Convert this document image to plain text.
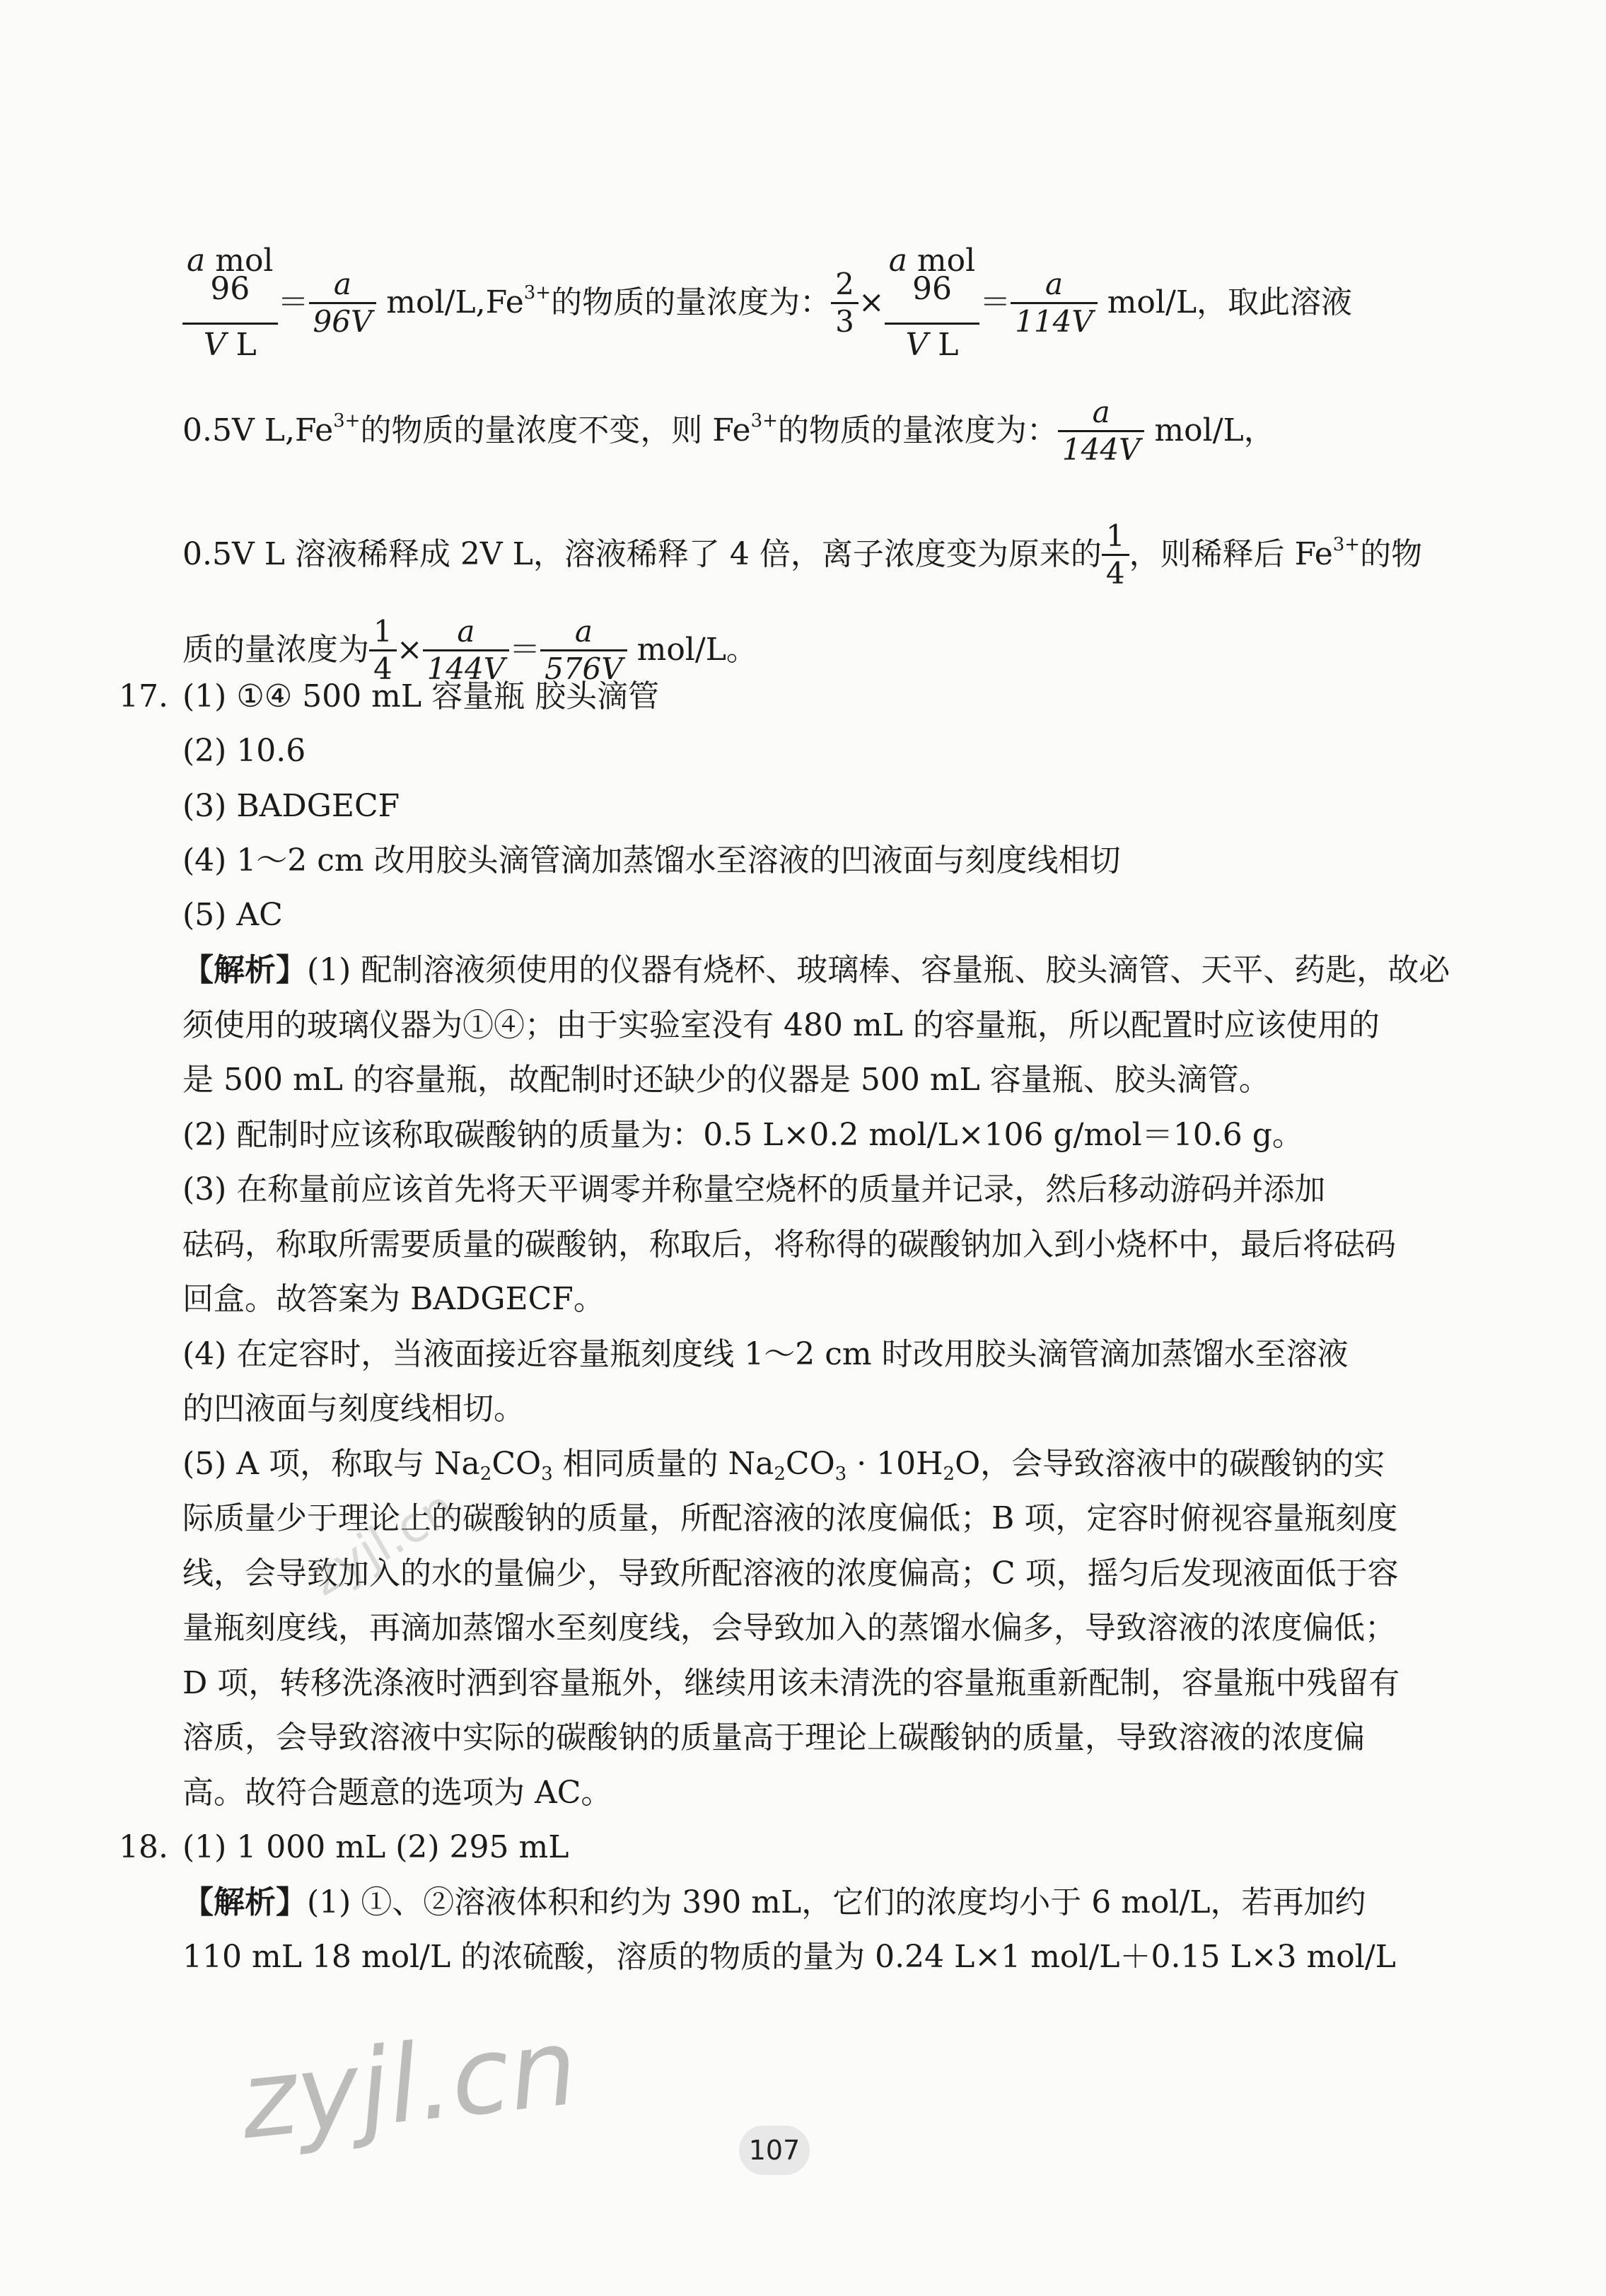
a mol
96
V L
＝ $\frac{a}{96V} mol/L,Fe^{3+}$的物质的量浓度为： $\frac{2}{3}$ ×
a mol
96
V L
＝ $\frac{a}{114V} mol/L$，取此溶液
0.5V $L,Fe^{3+}$的物质的量浓度不变，则 $Fe^{3+}$的物质的量浓度为： $\frac{a}{144V} mol/L$，
0.5V L 溶液稀释成 2V L，溶液稀释了 4 倍，离子浓度变为原来的 $\frac{1}{4}$ ，则稀释后 $Fe^{3+}$的物
质的量浓度为 $\frac{1}{4} \times \frac{a}{144V} = \frac{a}{576V} mol/L$。
17. (1) ①④ 500 mL 容量瓶 胶头滴管
(2) 10.6
(3) BADGECF
(4) 1～2 cm 改用胶头滴管滴加蒸馏水至溶液的凹液面与刻度线相切
(5) AC
【解析】(1) 配制溶液须使用的仪器有烧杯、玻璃棒、容量瓶、胶头滴管、天平、药匙，故必
须使用的玻璃仪器为①④；由于实验室没有 480 mL 的容量瓶，所以配置时应该使用的
是 500 mL 的容量瓶，故配制时还缺少的仪器是 500 mL 容量瓶、胶头滴管。
(2) 配制时应该称取碳酸钠的质量为：0.5 L×0.2 mol/L×106 g/mol＝10.6 g。
(3) 在称量前应该首先将天平调零并称量空烧杯的质量并记录，然后移动游码并添加
砝码，称取所需要质量的碳酸钠，称取后，将称得的碳酸钠加入到小烧杯中，最后将砝码
回盒。故答案为 BADGECF。
(4) 在定容时，当液面接近容量瓶刻度线 1～2 cm 时改用胶头滴管滴加蒸馏水至溶液
的凹液面与刻度线相切。
(5) A 项，称取与 $Na_2CO_3$ 相同质量的 $Na_2CO_3 \cdot 10H_2O$，会导致溶液中的碳酸钠的实
际质量少于理论上的碳酸钠的质量，所配溶液的浓度偏低；B 项，定容时俯视容量瓶刻度
线，会导致加入的水的量偏少，导致所配溶液的浓度偏高；C 项，摇匀后发现液面低于容
量瓶刻度线，再滴加蒸馏水至刻度线，会导致加入的蒸馏水偏多，导致溶液的浓度偏低；
D 项，转移洗涤液时洒到容量瓶外，继续用该未清洗的容量瓶重新配制，容量瓶中残留有
溶质，会导致溶液中实际的碳酸钠的质量高于理论上碳酸钠的质量，导致溶液的浓度偏
高。故符合题意的选项为 AC。
18. (1) 1 000 mL (2) 295 mL
【解析】(1) ①、②溶液体积和约为 390 mL，它们的浓度均小于 6 mol/L，若再加约
110 mL 18 mol/L 的浓硫酸，溶质的物质的量为 0.24 L×1 mol/L＋0.15 L×3 mol/L
zyjl.cn
zyjl.cn	107
